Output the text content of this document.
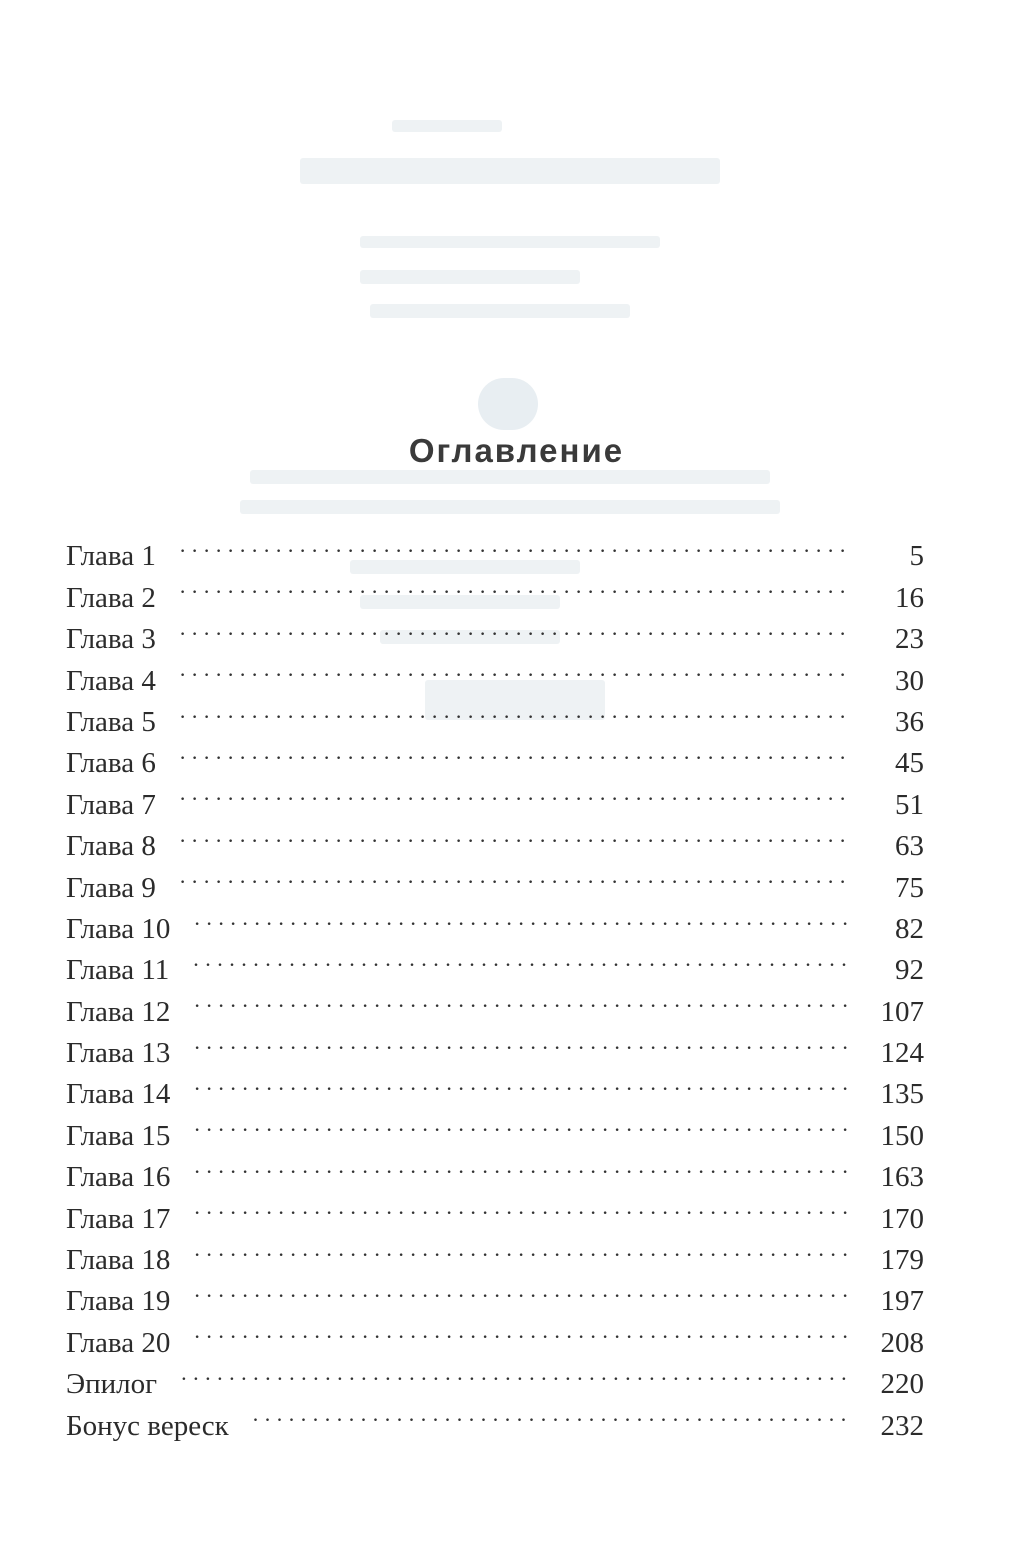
Оглавление
Глава 1 . . .	5
Глава 2 . . .	16
Глава 3 . . .	23
Глава 4 . . .	30
Глава 5 . . .	36
Глава 6 . . .	45
Глава 7 . . .	51
Глава 8 . . .	63
Глава 9 . . .	75
Глава 10 . . .	82
Глава 11 . . .	92
Глава 12 . . .	107
Глава 13 . . .	124
Глава 14 . . .	135
Глава 15 . . .	150
Глава 16 . . .	163
Глава 17 . . .	170
Глава 18 . . .	179
Глава 19 . . .	197
Глава 20 . . .	208
Эпилог . . .	220
Бонус вереск . . .	232
